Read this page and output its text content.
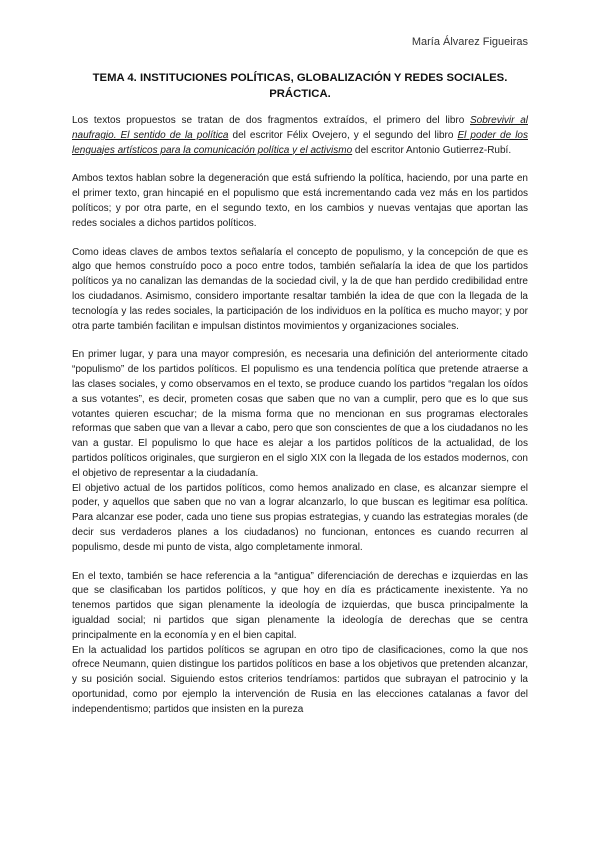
María Álvarez Figueiras
TEMA 4. INSTITUCIONES POLÍTICAS, GLOBALIZACIÓN Y REDES SOCIALES. PRÁCTICA.

Los textos propuestos se tratan de dos fragmentos extraídos, el primero del libro Sobrevivir al naufragio. El sentido de la política del escritor Félix Ovejero, y el segundo del libro El poder de los lenguajes artísticos para la comunicación política y el activismo del escritor Antonio Gutierrez-Rubí.

Ambos textos hablan sobre la degeneración que está sufriendo la política, haciendo, por una parte en el primer texto, gran hincapié en el populismo que está incrementando cada vez más en los partidos políticos; y por otra parte, en el segundo texto, en los cambios y nuevas ventajas que aportan las redes sociales a dichos partidos políticos.

Como ideas claves de ambos textos señalaría el concepto de populismo, y la concepción de que es algo que hemos construído poco a poco entre todos, también señalaría la idea de que los partidos políticos ya no canalizan las demandas de la sociedad civil, y la de que han perdido credibilidad entre los ciudadanos. Asimismo, considero importante resaltar también la idea de que con la llegada de la tecnología y las redes sociales, la participación de los individuos en la política es mucho mayor; y por otra parte también facilitan e impulsan distintos movimientos y organizaciones sociales.

En primer lugar, y para una mayor compresión, es necesaria una definición del anteriormente citado “populismo” de los partidos políticos. El populismo es una tendencia política que pretende atraerse a las clases sociales, y como observamos en el texto, se produce cuando los partidos “regalan los oídos a sus votantes”, es decir, prometen cosas que saben que no van a cumplir, pero que es lo que sus votantes quieren escuchar; de la misma forma que no mencionan en sus programas electorales reformas que saben que van a llevar a cabo, pero que son conscientes de que a los ciudadanos no les van a gustar. El populismo lo que hace es alejar a los partidos políticos de la actualidad, de los partidos políticos originales, que surgieron en el siglo XIX con la llegada de los estados modernos, con el objetivo de representar a la ciudadanía.

El objetivo actual de los partidos políticos, como hemos analizado en clase, es alcanzar siempre el poder, y aquellos que saben que no van a lograr alcanzarlo, lo que buscan es legitimar esa política. Para alcanzar ese poder, cada uno tiene sus propias estrategias, y cuando las estrategias morales (de decir sus verdaderos planes a los ciudadanos) no funcionan, entonces es cuando recurren al populismo, desde mi punto de vista, algo completamente inmoral.

En el texto, también se hace referencia a la “antigua” diferenciación de derechas e izquierdas en las que se clasificaban los partidos políticos, y que hoy en día es prácticamente inexistente. Ya no tenemos partidos que sigan plenamente la ideología de izquierdas, que busca principalmente la igualdad social; ni partidos que sigan plenamente la ideología de derechas que se centra principalmente en la economía y en el bien capital.

En la actualidad los partidos políticos se agrupan en otro tipo de clasificaciones, como la que nos ofrece Neumann, quien distingue los partidos políticos en base a los objetivos que pretenden alcanzar, y su posición social. Siguiendo estos criterios tendríamos: partidos que subrayan el patrocinio y la oportunidad, como por ejemplo la intervención de Rusia en las elecciones catalanas a favor del independentismo; partidos que insisten en la pureza
